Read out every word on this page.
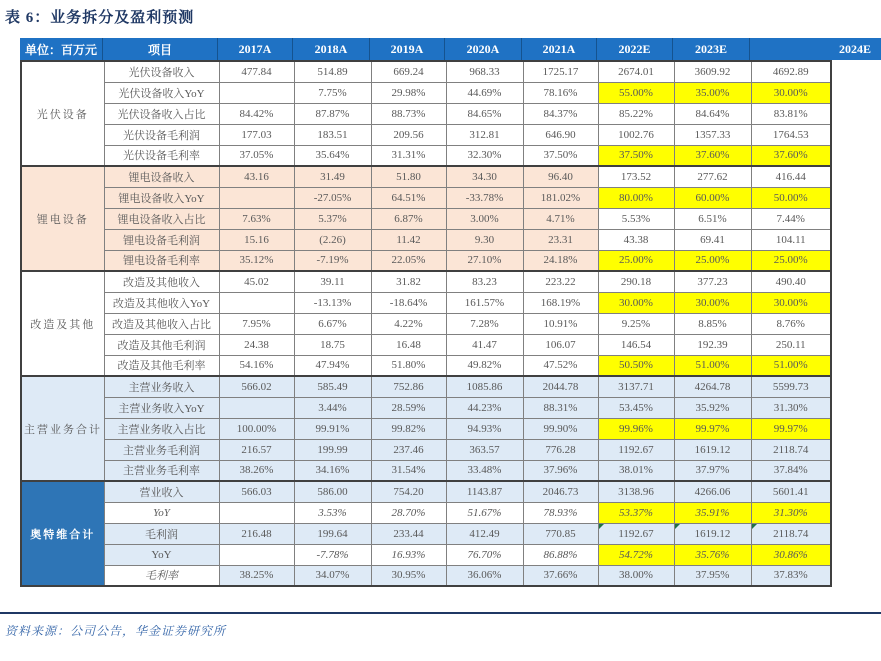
表 6：业务拆分及盈利预测
单位：百万元	项目	2017A	2018A	2019A	2020A	2021A	2022E	2023E	2024E
光伏设备	光伏设备收入	477.84	514.89	669.24	968.33	1725.17	2674.01	3609.92	4692.89
	光伏设备收入YoY		7.75%	29.98%	44.69%	78.16%	55.00%	35.00%	30.00%
	光伏设备收入占比	84.42%	87.87%	88.73%	84.65%	84.37%	85.22%	84.64%	83.81%
	光伏设备毛利润	177.03	183.51	209.56	312.81	646.90	1002.76	1357.33	1764.53
	光伏设备毛利率	37.05%	35.64%	31.31%	32.30%	37.50%	37.50%	37.60%	37.60%
锂电设备	锂电设备收入	43.16	31.49	51.80	34.30	96.40	173.52	277.62	416.44
	锂电设备收入YoY		-27.05%	64.51%	-33.78%	181.02%	80.00%	60.00%	50.00%
	锂电设备收入占比	7.63%	5.37%	6.87%	3.00%	4.71%	5.53%	6.51%	7.44%
	锂电设备毛利润	15.16	(2.26)	11.42	9.30	23.31	43.38	69.41	104.11
	锂电设备毛利率	35.12%	-7.19%	22.05%	27.10%	24.18%	25.00%	25.00%	25.00%
改造及其他	改造及其他收入	45.02	39.11	31.82	83.23	223.22	290.18	377.23	490.40
	改造及其他收入YoY		-13.13%	-18.64%	161.57%	168.19%	30.00%	30.00%	30.00%
	改造及其他收入占比	7.95%	6.67%	4.22%	7.28%	10.91%	9.25%	8.85%	8.76%
	改造及其他毛利润	24.38	18.75	16.48	41.47	106.07	146.54	192.39	250.11
	改造及其他毛利率	54.16%	47.94%	51.80%	49.82%	47.52%	50.50%	51.00%	51.00%
主营业务合计	主营业务收入	566.02	585.49	752.86	1085.86	2044.78	3137.71	4264.78	5599.73
	主营业务收入YoY		3.44%	28.59%	44.23%	88.31%	53.45%	35.92%	31.30%
	主营业务收入占比	100.00%	99.91%	99.82%	94.93%	99.90%	99.96%	99.97%	99.97%
	主营业务毛利润	216.57	199.99	237.46	363.57	776.28	1192.67	1619.12	2118.74
	主营业务毛利率	38.26%	34.16%	31.54%	33.48%	37.96%	38.01%	37.97%	37.84%
奥特维合计	营业收入	566.03	586.00	754.20	1143.87	2046.73	3138.96	4266.06	5601.41
	YoY		3.53%	28.70%	51.67%	78.93%	53.37%	35.91%	31.30%
	毛利润	216.48	199.64	233.44	412.49	770.85	1192.67	1619.12	2118.74
	YoY		-7.78%	16.93%	76.70%	86.88%	54.72%	35.76%	30.86%
	毛利率	38.25%	34.07%	30.95%	36.06%	37.66%	38.00%	37.95%	37.83%
资料来源：公司公告，华金证券研究所
